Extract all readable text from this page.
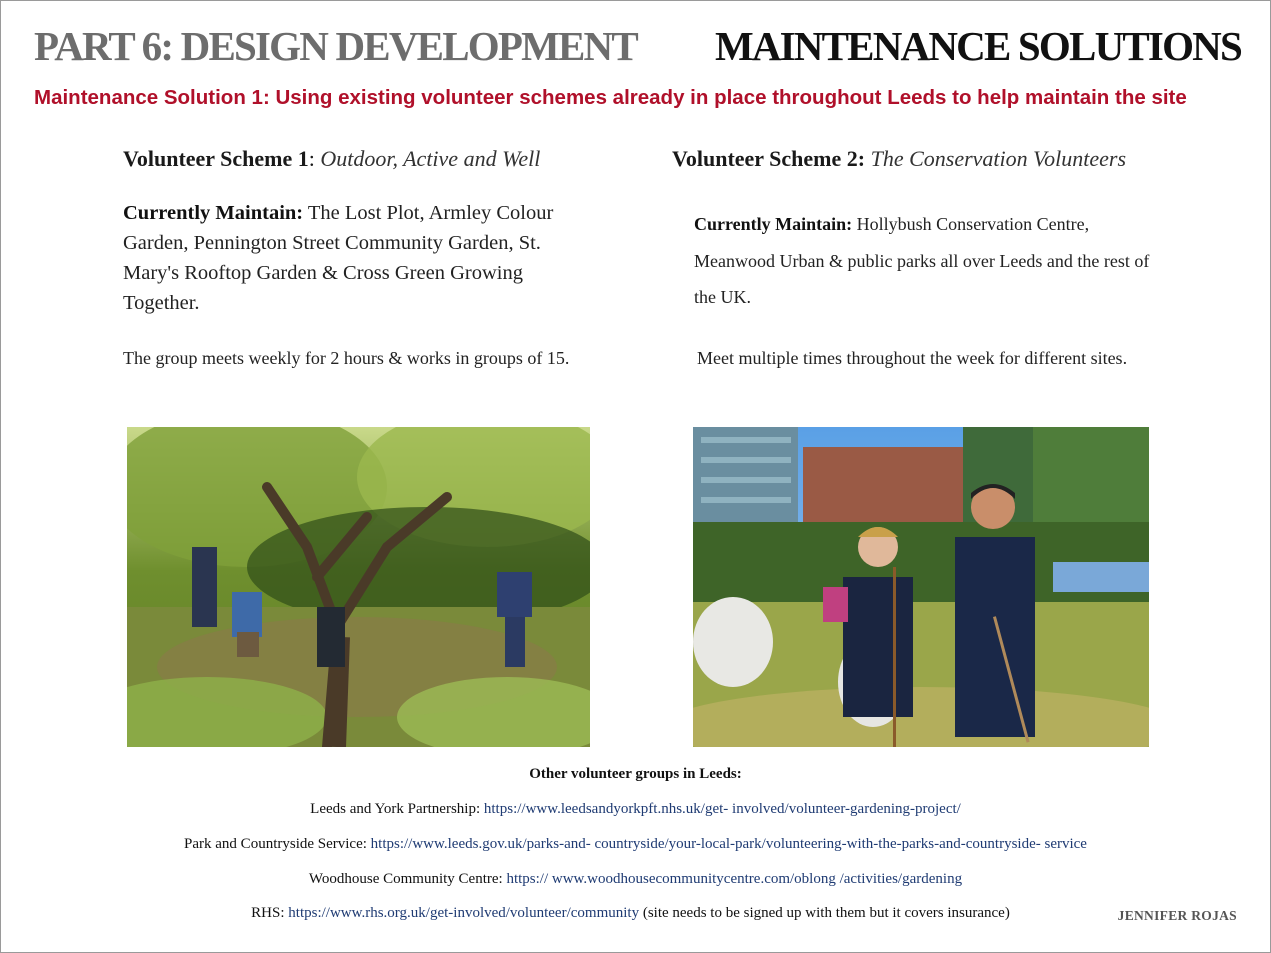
PART 6: DESIGN DEVELOPMENT MAINTENANCE SOLUTIONS
Maintenance Solution 1: Using existing volunteer schemes already in place throughout Leeds to help maintain the site
Volunteer Scheme 1: Outdoor, Active and Well
Currently Maintain: The Lost Plot, Armley Colour Garden, Pennington Street Community Garden, St. Mary's Rooftop Garden & Cross Green Growing Together.
The group meets weekly for 2 hours & works in groups of 15.
Volunteer Scheme 2: The Conservation Volunteers
Currently Maintain: Hollybush Conservation Centre, Meanwood Urban & public parks all over Leeds and the rest of the UK.
Meet multiple times throughout the week for different sites.
Other volunteer groups in Leeds:
Leeds and York Partnership: https://www.leedsandyorkpft.nhs.uk/get- involved/volunteer-gardening-project/
Park and Countryside Service: https://www.leeds.gov.uk/parks-and- countryside/your-local-park/volunteering-with-the-parks-and-countryside- service
Woodhouse Community Centre: https:// www.woodhousecommunitycentre.com/oblong /activities/gardening
RHS: https://www.rhs.org.uk/get-involved/volunteer/community (site needs to be signed up with them but it covers insurance)	JENNIFER ROJAS
